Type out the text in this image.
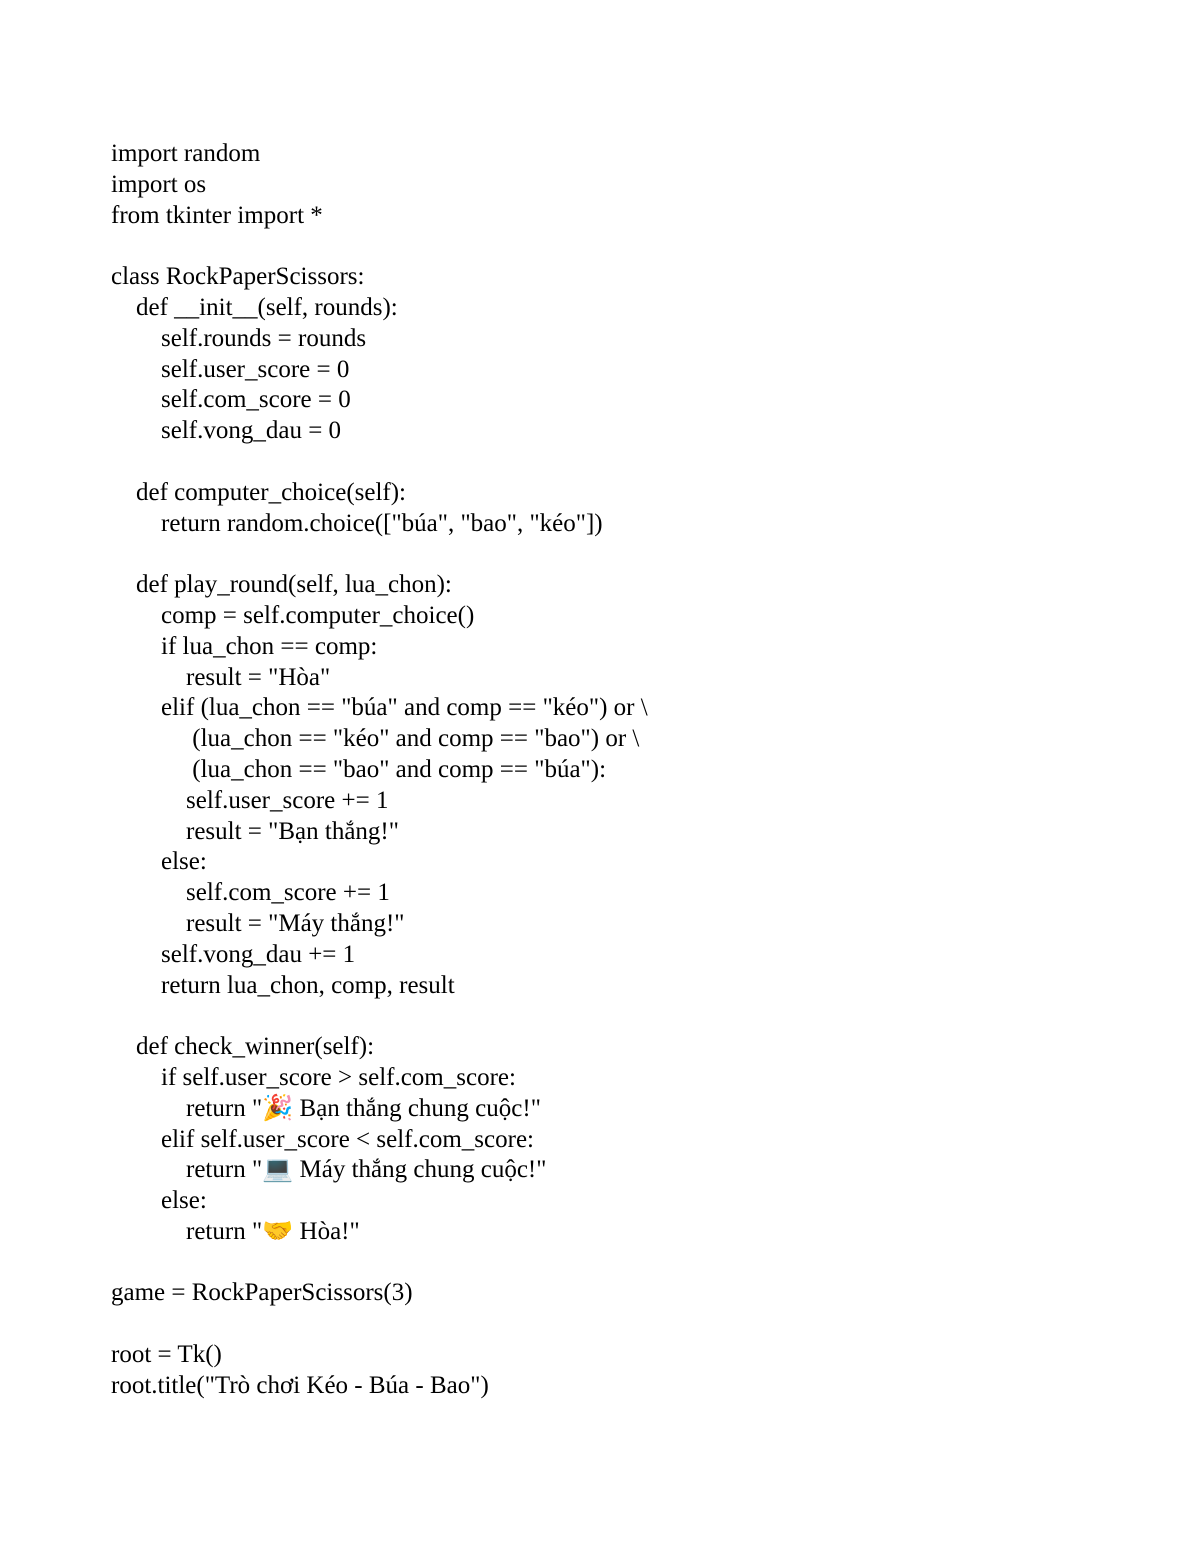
import random
import os
from tkinter import *
class RockPaperScissors:
def __init__(self, rounds):
self.rounds = rounds
self.user_score = 0
self.com_score = 0
self.vong_dau = 0
def computer_choice(self):
return random.choice(["búa", "bao", "kéo"])
def play_round(self, lua_chon):
comp = self.computer_choice()
if lua_chon == comp:
result = "Hòa"
elif (lua_chon == "búa" and comp == "kéo") or \
(lua_chon == "kéo" and comp == "bao") or \
(lua_chon == "bao" and comp == "búa"):
self.user_score += 1
result = "Bạn thắng!"
else:
self.com_score += 1
result = "Máy thắng!"
self.vong_dau += 1
return lua_chon, comp, result
def check_winner(self):
if self.user_score > self.com_score:
return "🎉 Bạn thắng chung cuộc!"
elif self.user_score < self.com_score:
return "💻 Máy thắng chung cuộc!"
else:
return "🤝 Hòa!"
game = RockPaperScissors(3)
root = Tk()
root.title("Trò chơi Kéo - Búa - Bao")
